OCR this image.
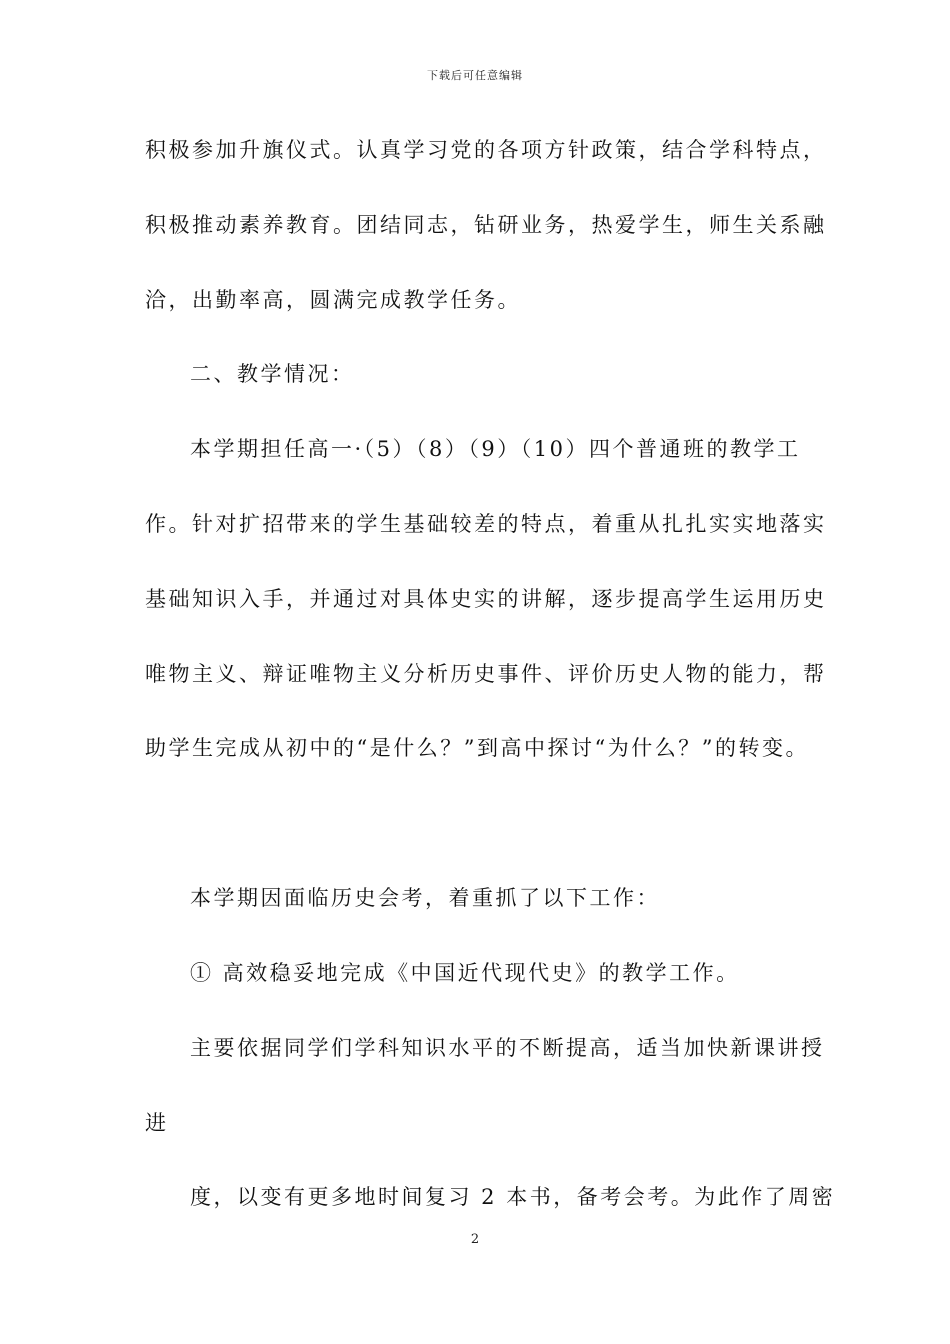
下载后可任意编辑
积极参加升旗仪式。认真学习党的各项方针政策，结合学科特点，
积极推动素养教育。团结同志，钻研业务，热爱学生，师生关系融
洽，出勤率高，圆满完成教学任务。
二、教学情况：
本学期担任高一·（5）（8）（9）（10）四个普通班的教学工
作。针对扩招带来的学生基础较差的特点，着重从扎扎实实地落实
基础知识入手，并通过对具体史实的讲解，逐步提高学生运用历史
唯物主义、辩证唯物主义分析历史事件、评价历史人物的能力，帮
助学生完成从初中的“是什么？”到高中探讨“为什么？”的转变。
本学期因面临历史会考，着重抓了以下工作：
① 高效稳妥地完成《中国近代现代史》的教学工作。
主要依据同学们学科知识水平的不断提高，适当加快新课讲授
进
度，以变有更多地时间复习 2 本书，备考会考。为此作了周密
2
